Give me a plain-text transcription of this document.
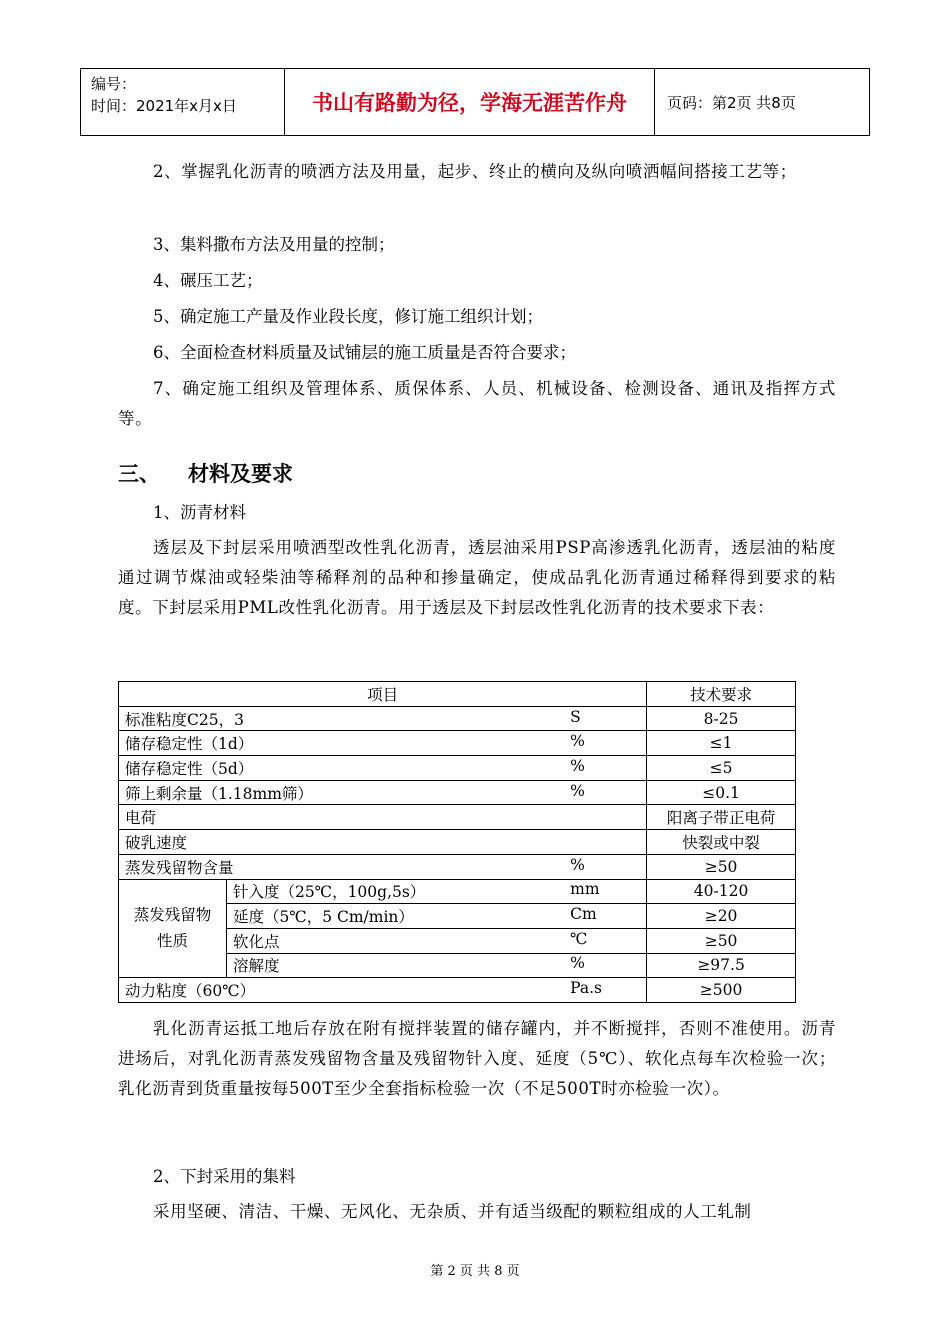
编号：
时间：2021年x月x日	书山有路勤为径，学海无涯苦作舟	页码：第2页 共8页

2、掌握乳化沥青的喷洒方法及用量，起步、终止的横向及纵向喷洒幅间搭接工艺等；

3、集料撒布方法及用量的控制；

4、碾压工艺；

5、确定施工产量及作业段长度，修订施工组织计划；

6、全面检查材料质量及试铺层的施工质量是否符合要求；

7、确定施工组织及管理体系、质保体系、人员、机械设备、检测设备、通讯及指挥方式等。

三、 材料及要求

1、沥青材料

透层及下封层采用喷洒型改性乳化沥青，透层油采用PSP高渗透乳化沥青，透层油的粘度通过调节煤油或轻柴油等稀释剂的品种和掺量确定，使成品乳化沥青通过稀释得到要求的粘度。下封层采用PML改性乳化沥青。用于透层及下封层改性乳化沥青的技术要求下表：

项目		技术要求

标准粘度C25，3 S		8-25

储存稳定性（1d） %		≤1

储存稳定性（5d） %		≤5

筛上剩余量（1.18mm筛） %		≤0.1

电荷		阳离子带正电荷

破乳速度		快裂或中裂

蒸发残留物含量 %		≥50
蒸发残留物性质	针入度（25℃，100g,5s） mm	40-120

	延度（5℃，5 Cm/min） Cm	≥20

	软化点 ℃	≥50

	溶解度 %	≥97.5

动力粘度（60℃） Pa.s		≥500

乳化沥青运抵工地后存放在附有搅拌装置的储存罐内，并不断搅拌，否则不准使用。沥青进场后，对乳化沥青蒸发残留物含量及残留物针入度、延度（5℃）、软化点每车次检验一次；乳化沥青到货重量按每500T至少全套指标检验一次（不足500T时亦检验一次）。

2、下封采用的集料

采用坚硬、清洁、干燥、无风化、无杂质、并有适当级配的颗粒组成的人工轧制

第 2 页 共 8 页
